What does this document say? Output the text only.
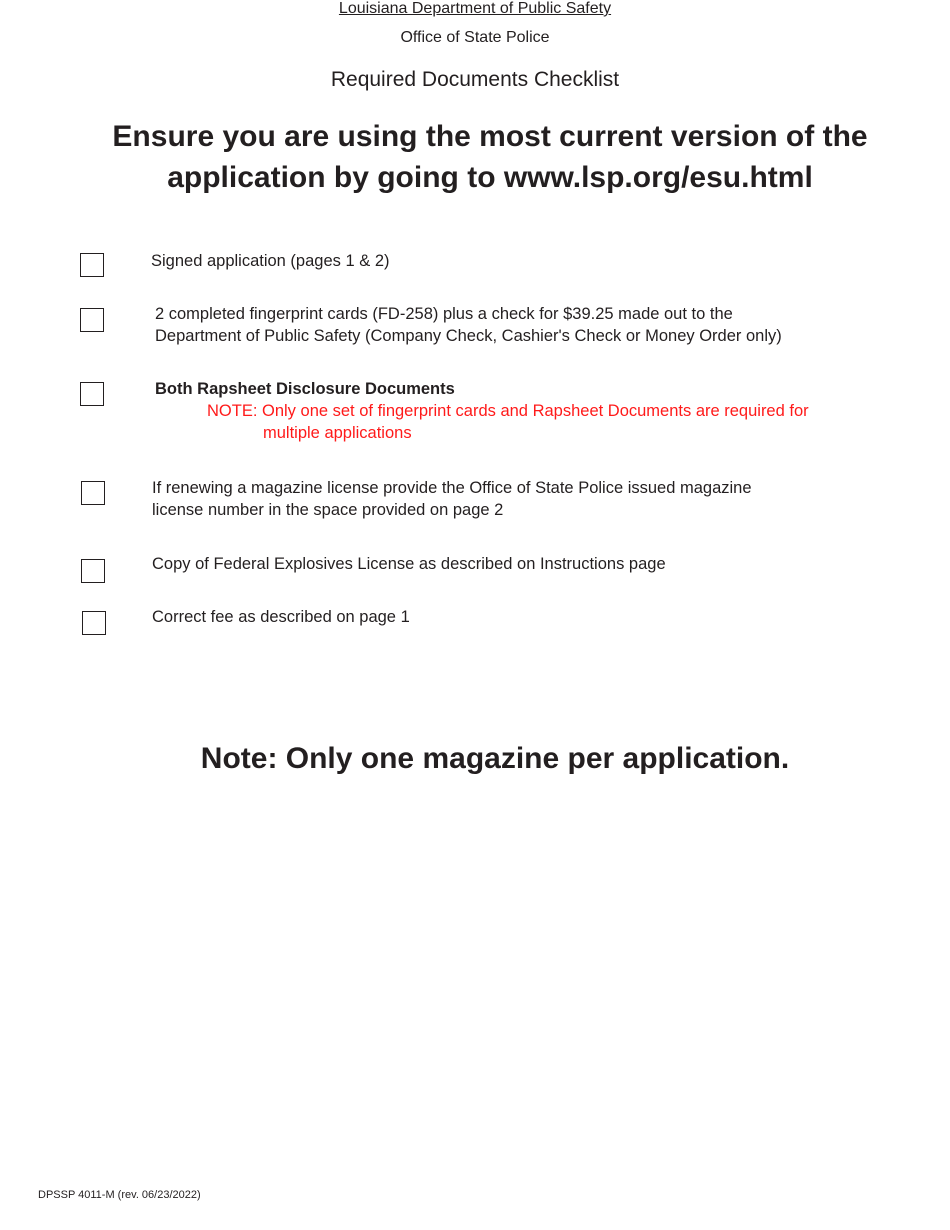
Louisiana Department of Public Safety
Office of State Police
Required Documents Checklist
Ensure you are using the most current version of the
application by going to www.lsp.org/esu.html
Signed application (pages 1 & 2)
2 completed fingerprint cards (FD-258) plus a check for $39.25 made out to the
Department of Public Safety (Company Check, Cashier's Check or Money Order only)
Both Rapsheet Disclosure Documents
NOTE: Only one set of fingerprint cards and Rapsheet Documents are required for
multiple applications
If renewing a magazine license provide the Office of State Police issued magazine
license number in the space provided on page 2
Copy of Federal Explosives License as described on Instructions page
Correct fee as described on page 1
Note: Only one magazine per application.
DPSSP 4011-M (rev. 06/23/2022)
